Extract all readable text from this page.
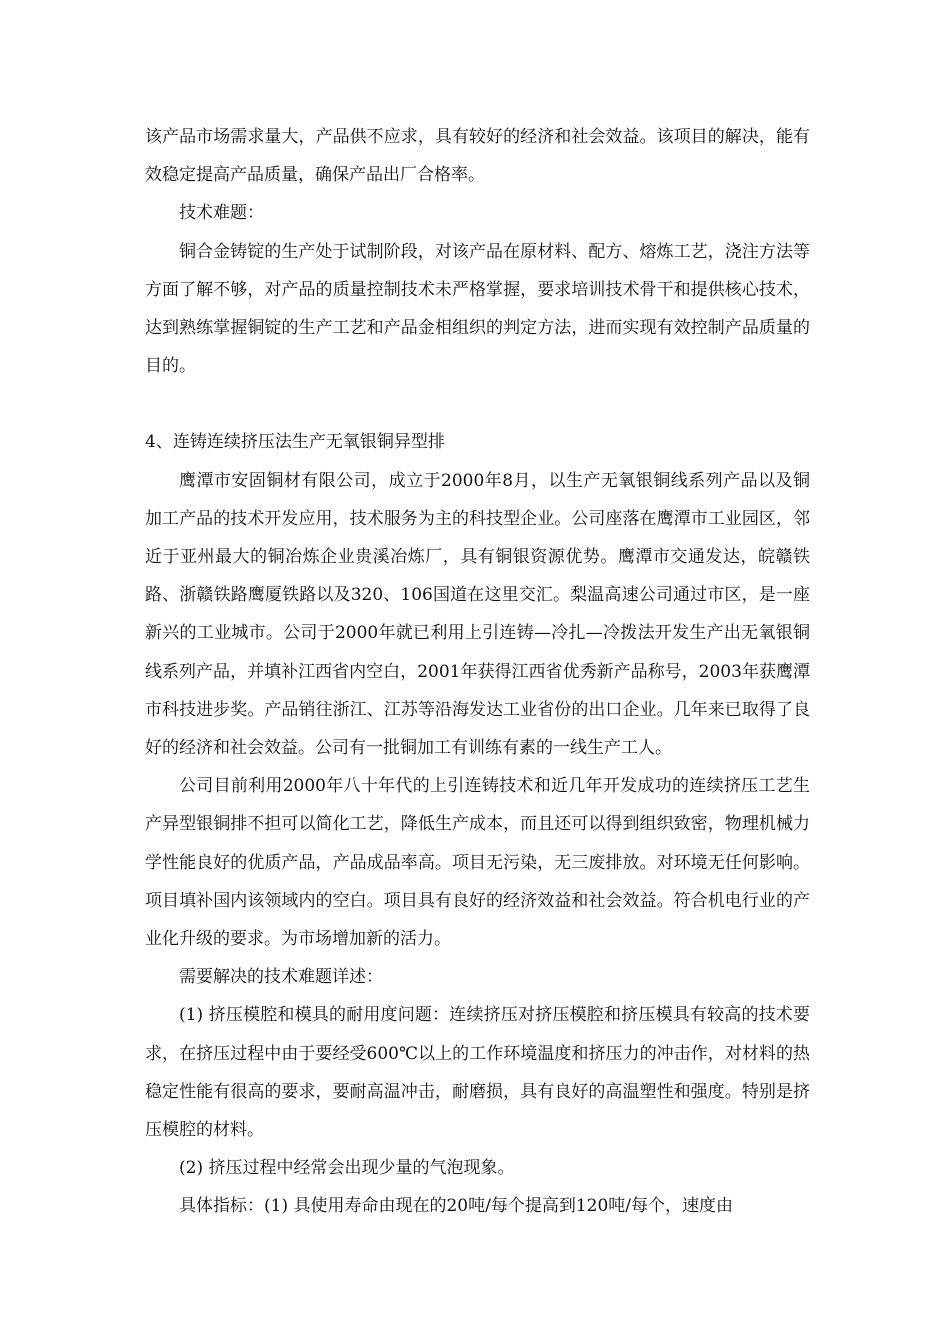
该产品市场需求量大，产品供不应求，具有较好的经济和社会效益。该项目的解决，能有效稳定提高产品质量，确保产品出厂合格率。

技术难题：

铜合金铸锭的生产处于试制阶段，对该产品在原材料、配方、熔炼工艺，浇注方法等方面了解不够，对产品的质量控制技术未严格掌握，要求培训技术骨干和提供核心技术，达到熟练掌握铜锭的生产工艺和产品金相组织的判定方法，进而实现有效控制产品质量的目的。

4、连铸连续挤压法生产无氧银铜异型排

鹰潭市安固铜材有限公司，成立于2000年8月，以生产无氧银铜线系列产品以及铜加工产品的技术开发应用，技术服务为主的科技型企业。公司座落在鹰潭市工业园区，邻近于亚州最大的铜冶炼企业贵溪冶炼厂，具有铜银资源优势。鹰潭市交通发达，皖赣铁路、浙赣铁路鹰厦铁路以及320、106国道在这里交汇。梨温高速公司通过市区，是一座新兴的工业城市。公司于2000年就已利用上引连铸—冷扎—冷拨法开发生产出无氧银铜线系列产品，并填补江西省内空白，2001年获得江西省优秀新产品称号，2003年获鹰潭市科技进步奖。产品销往浙江、江苏等沿海发达工业省份的出口企业。几年来已取得了良好的经济和社会效益。公司有一批铜加工有训练有素的一线生产工人。

公司目前利用2000年八十年代的上引连铸技术和近几年开发成功的连续挤压工艺生产异型银铜排不担可以简化工艺，降低生产成本，而且还可以得到组织致密，物理机械力学性能良好的优质产品，产品成品率高。项目无污染，无三废排放。对环境无任何影响。项目填补国内该领域内的空白。项目具有良好的经济效益和社会效益。符合机电行业的产业化升级的要求。为市场增加新的活力。

需要解决的技术难题详述：

(1) 挤压模腔和模具的耐用度问题：连续挤压对挤压模腔和挤压模具有较高的技术要求，在挤压过程中由于要经受600℃以上的工作环境温度和挤压力的冲击作，对材料的热稳定性能有很高的要求，要耐高温冲击，耐磨损，具有良好的高温塑性和强度。特别是挤压模腔的材料。

(2) 挤压过程中经常会出现少量的气泡现象。

具体指标：(1) 具使用寿命由现在的20吨/每个提高到120吨/每个，速度由
